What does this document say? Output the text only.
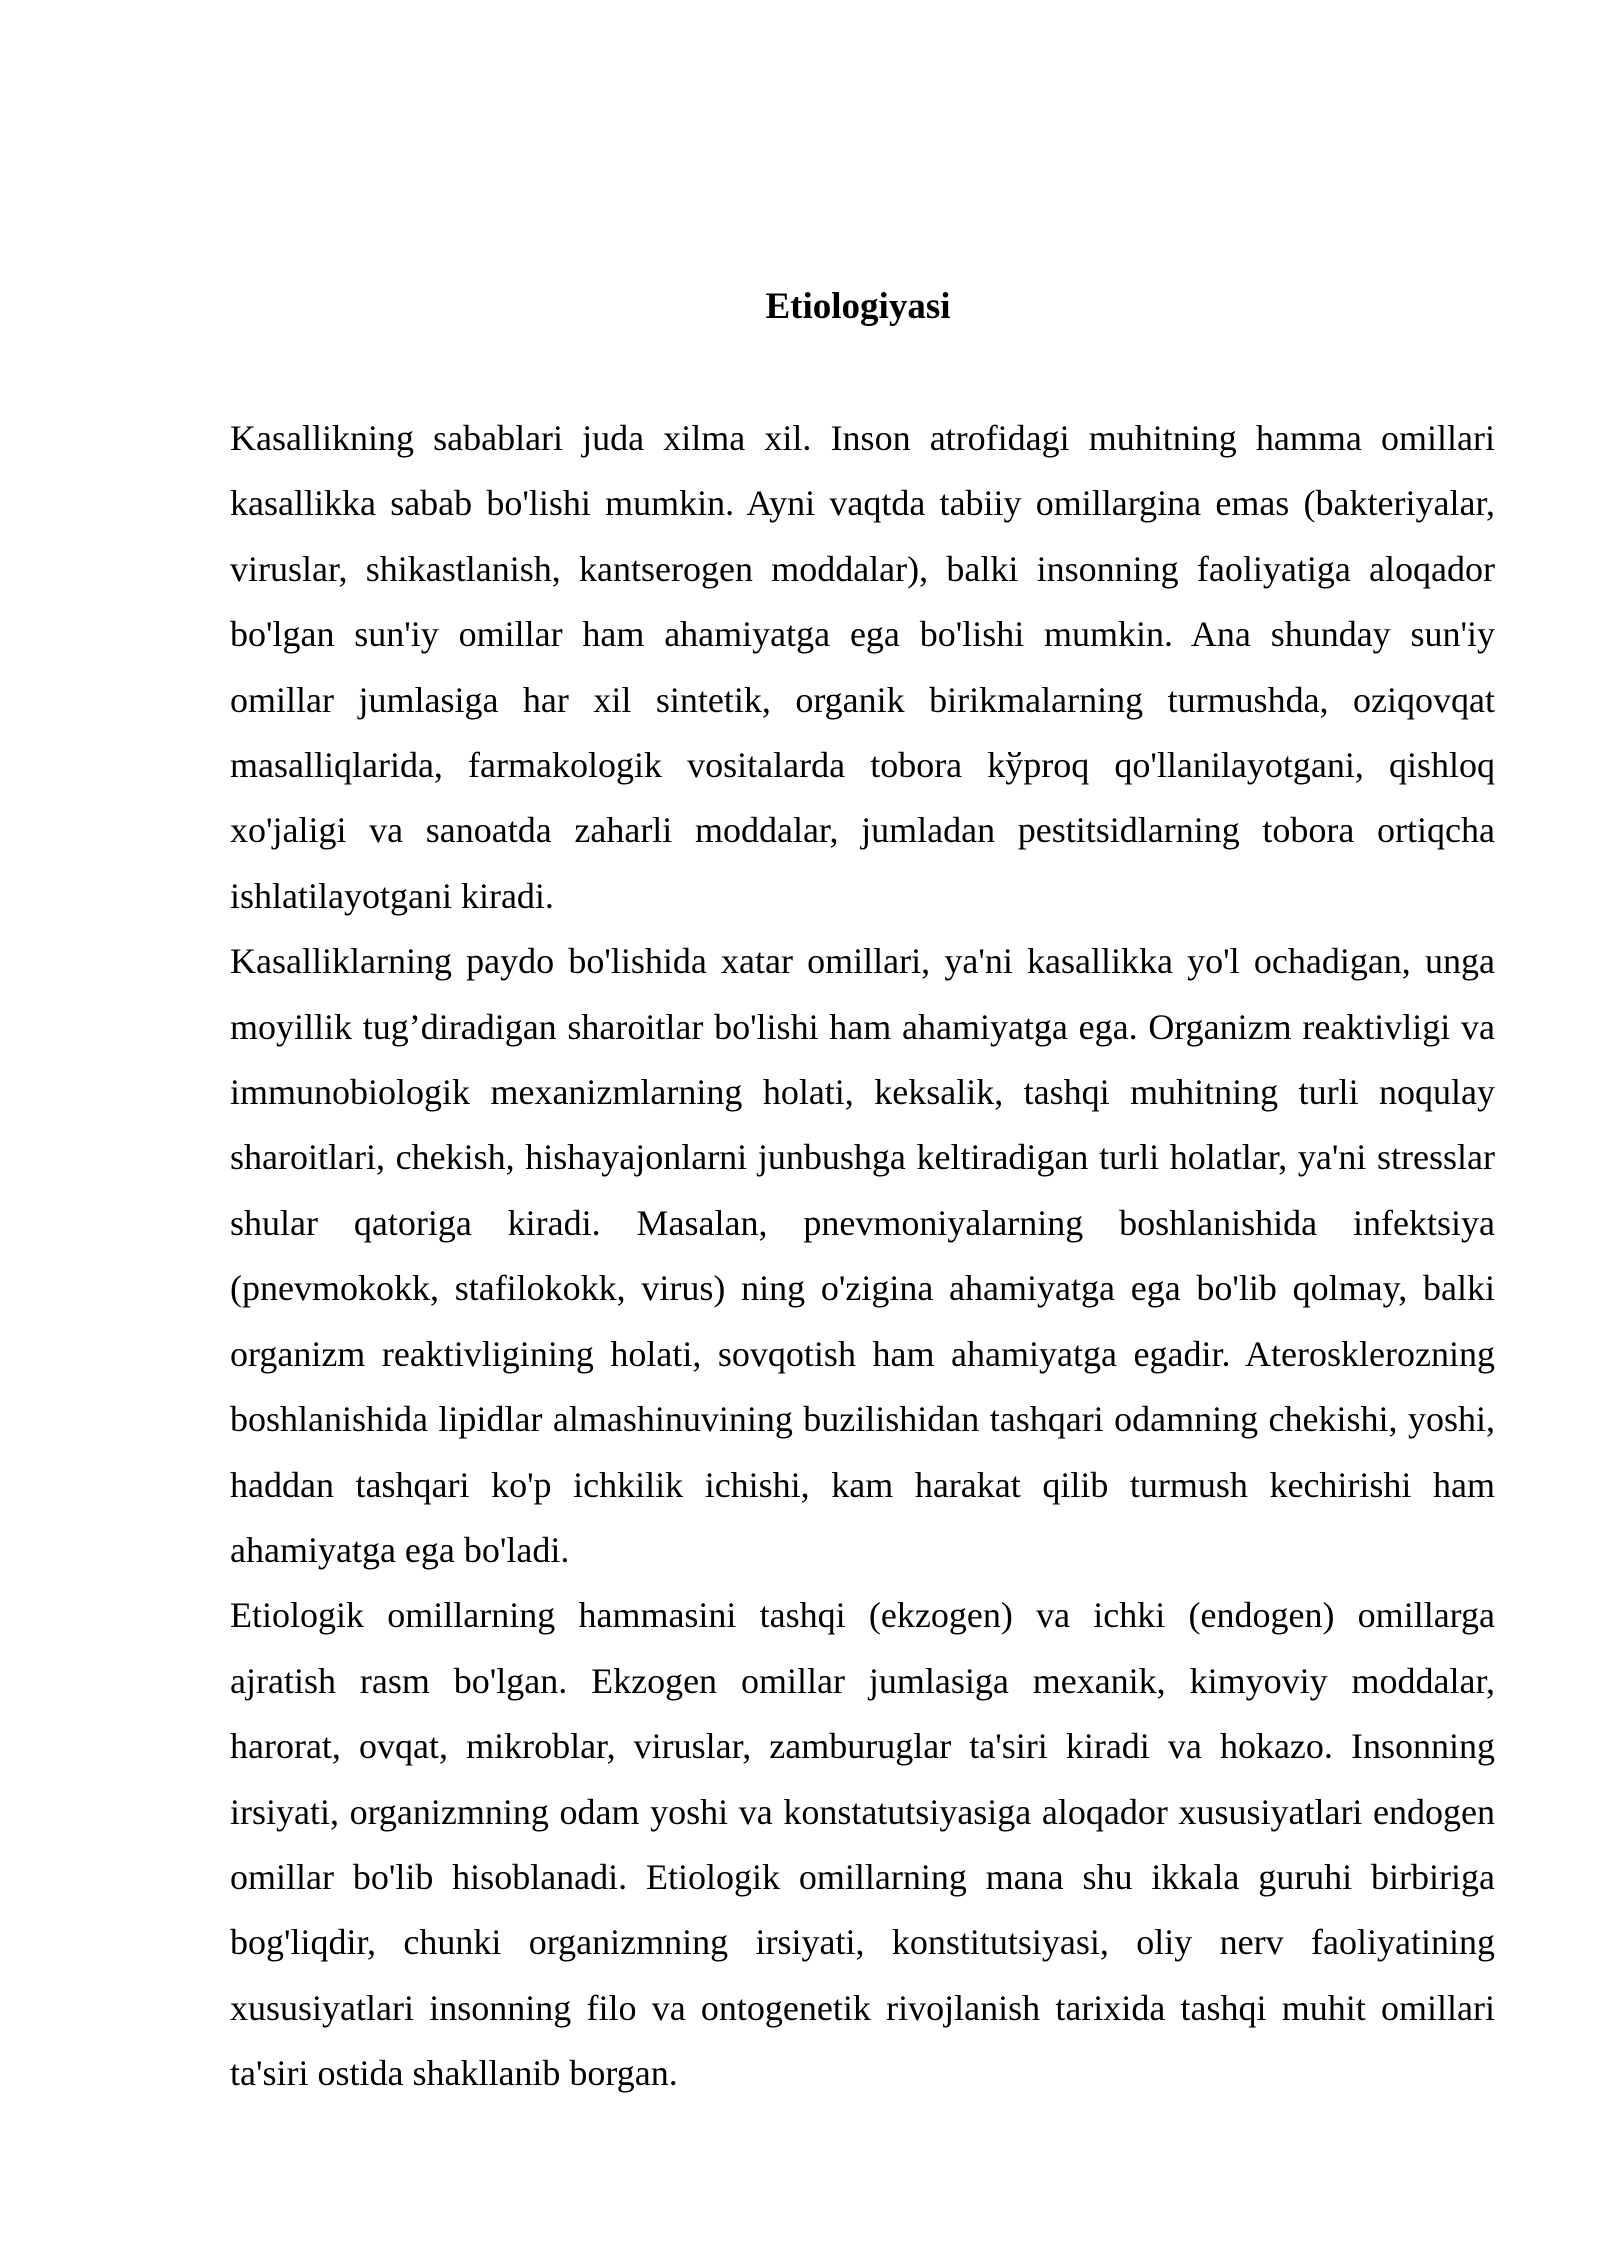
Etiologiyasi

Kasallikning sabablari juda xilma xil. Inson atrofidagi muhitning hamma omillari kasallikka sabab bo'lishi mumkin. Ayni vaqtda tabiiy omillargina emas (bakteriyalar, viruslar, shikastlanish, kantserogen moddalar), balki insonning faoliyatiga aloqador bo'lgan sun'iy omillar ham ahamiyatga ega bo'lishi mumkin. Ana shunday sun'iy omillar jumlasiga har xil sintetik, organik birikmalarning turmushda, oziqovqat masalliqlarida, farmakologik vositalarda tobora kўproq qo'llanilayotgani, qishloq xo'jaligi va sanoatda zaharli moddalar, jumladan pestitsidlarning tobora ortiqcha ishlatilayotgani kiradi.

Kasalliklarning paydo bo'lishida xatar omillari, ya'ni kasallikka yo'l ochadigan, unga moyillik tug’diradigan sharoitlar bo'lishi ham ahamiyatga ega. Organizm reaktivligi va immunobiologik mexanizmlarning holati, keksalik, tashqi muhitning turli noqulay sharoitlari, chekish, hishayajonlarni junbushga keltiradigan turli holatlar, ya'ni stresslar shular qatoriga kiradi. Masalan, pnevmoniyalarning boshlanishida infektsiya (pnevmokokk, stafilokokk, virus) ning o'zigina ahamiyatga ega bo'lib qolmay, balki organizm reaktivligining holati, sovqotish ham ahamiyatga egadir. Aterosklerozning boshlanishida lipidlar almashinuvining buzilishidan tashqari odamning chekishi, yoshi, haddan tashqari ko'p ichkilik ichishi, kam harakat qilib turmush kechirishi ham ahamiyatga ega bo'ladi.

Etiologik omillarning hammasini tashqi (ekzogen) va ichki (endogen) omillarga ajratish rasm bo'lgan. Ekzogen omillar jumlasiga mexanik, kimyoviy moddalar, harorat, ovqat, mikroblar, viruslar, zamburuglar ta'siri kiradi va hokazo. Insonning irsiyati, organizmning odam yoshi va konstatutsiyasiga aloqador xususiyatlari endogen omillar bo'lib hisoblanadi. Etiologik omillarning mana shu ikkala guruhi birbiriga bog'liqdir, chunki organizmning irsiyati, konstitutsiyasi, oliy nerv faoliyatining xususiyatlari insonning filo va ontogenetik rivojlanish tarixida tashqi muhit omillari ta'siri ostida shakllanib borgan.
